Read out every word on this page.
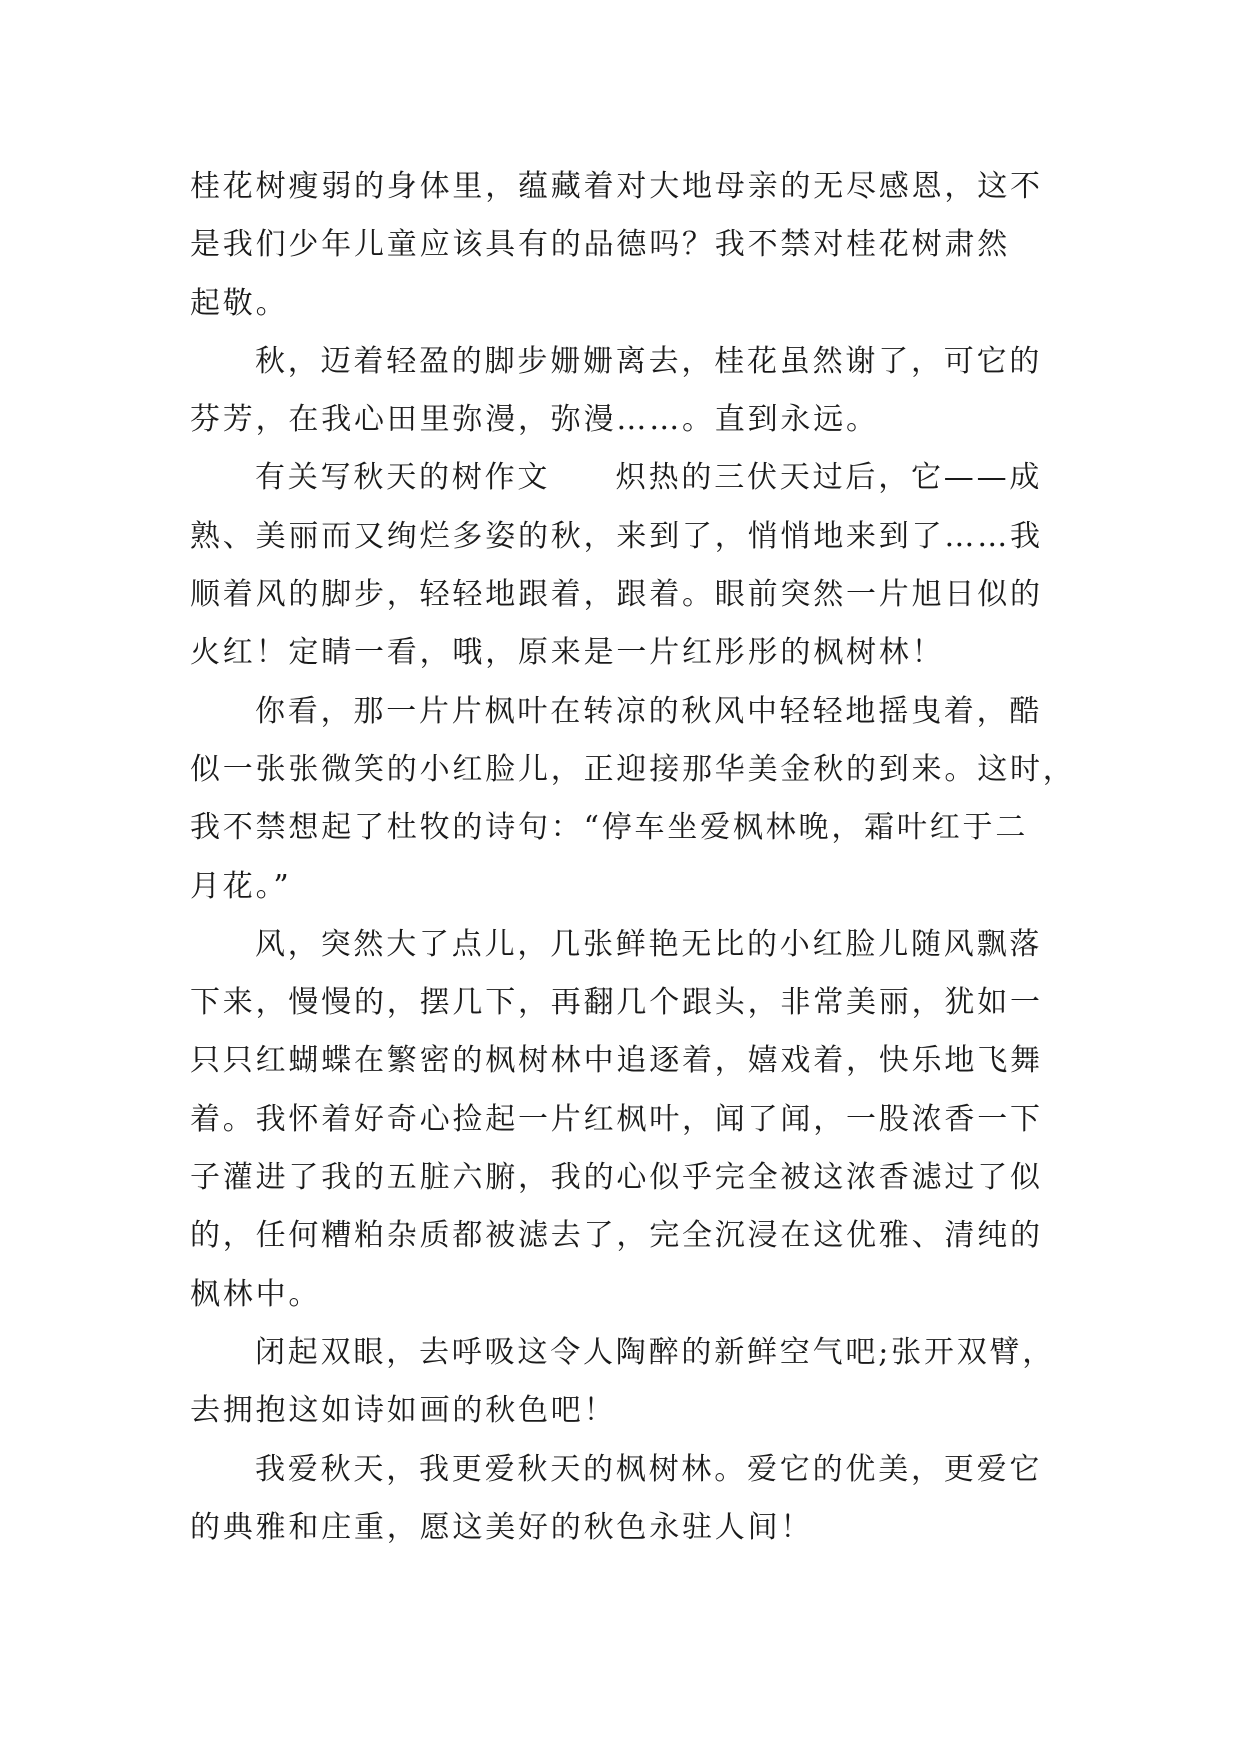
桂花树瘦弱的身体里，蕴藏着对大地母亲的无尽感恩，这不
是我们少年儿童应该具有的品德吗？我不禁对桂花树肃然
起敬。

秋，迈着轻盈的脚步姗姗离去，桂花虽然谢了，可它的
芬芳，在我心田里弥漫，弥漫……。直到永远。

有关写秋天的树作文　　炽热的三伏天过后，它——成
熟、美丽而又绚烂多姿的秋，来到了，悄悄地来到了……我
顺着风的脚步，轻轻地跟着，跟着。眼前突然一片旭日似的
火红！定睛一看，哦，原来是一片红彤彤的枫树林！

你看，那一片片枫叶在转凉的秋风中轻轻地摇曳着，酷
似一张张微笑的小红脸儿，正迎接那华美金秋的到来。这时，
我不禁想起了杜牧的诗句：“停车坐爱枫林晚，霜叶红于二
月花。”

风，突然大了点儿，几张鲜艳无比的小红脸儿随风飘落
下来，慢慢的，摆几下，再翻几个跟头，非常美丽，犹如一
只只红蝴蝶在繁密的枫树林中追逐着，嬉戏着，快乐地飞舞
着。我怀着好奇心捡起一片红枫叶，闻了闻，一股浓香一下
子灌进了我的五脏六腑，我的心似乎完全被这浓香滤过了似
的，任何糟粕杂质都被滤去了，完全沉浸在这优雅、清纯的
枫林中。

闭起双眼，去呼吸这令人陶醉的新鲜空气吧;张开双臂，
去拥抱这如诗如画的秋色吧！

我爱秋天，我更爱秋天的枫树林。爱它的优美，更爱它
的典雅和庄重，愿这美好的秋色永驻人间！
